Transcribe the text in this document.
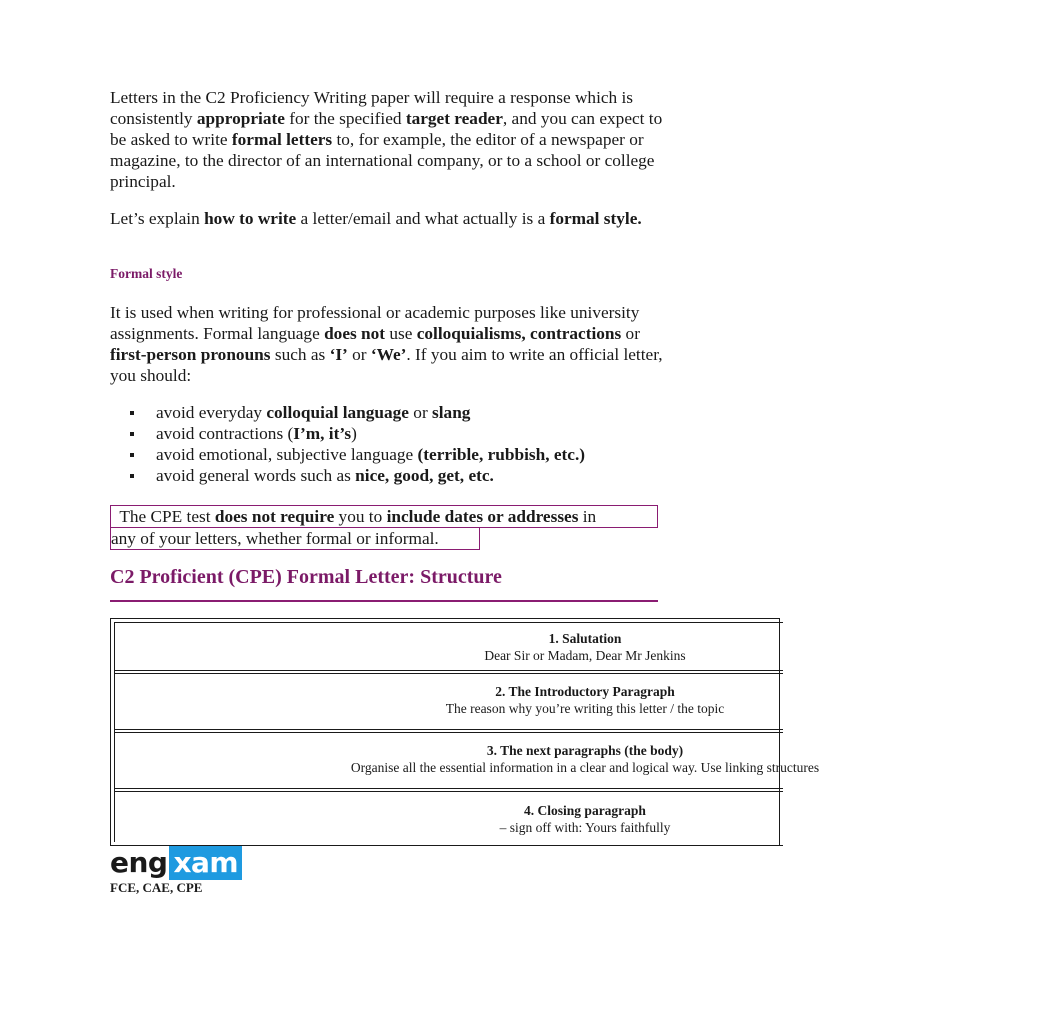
Letters in the C2 Proficiency Writing paper will require a response which is consistently appropriate for the specified target reader, and you can expect to be asked to write formal letters to, for example, the editor of a newspaper or magazine, to the director of an international company, or to a school or college principal.

Let’s explain how to write a letter/email and what actually is a formal style.

Formal style

It is used when writing for professional or academic purposes like university assignments. Formal language does not use colloquialisms, contractions or first-person pronouns such as ‘I’ or ‘We’. If you aim to write an official letter, you should:

avoid everyday colloquial language or slang
avoid contractions (I’m, it’s)
avoid emotional, subjective language (terrible, rubbish, etc.)
avoid general words such as nice, good, get, etc.
The CPE test does not require you to include dates or addresses in
any of your letters, whether formal or informal.
C2 Proficient (CPE) Formal Letter: Structure
1. Salutation
Dear Sir or Madam, Dear Mr Jenkins
2. The Introductory Paragraph
The reason why you’re writing this letter / the topic
3. The next paragraphs (the body)
Organise all the essential information in a clear and logical way. Use linking structures
4. Closing paragraph
– sign off with: Yours faithfully
eng xam

FCE, CAE, CPE
